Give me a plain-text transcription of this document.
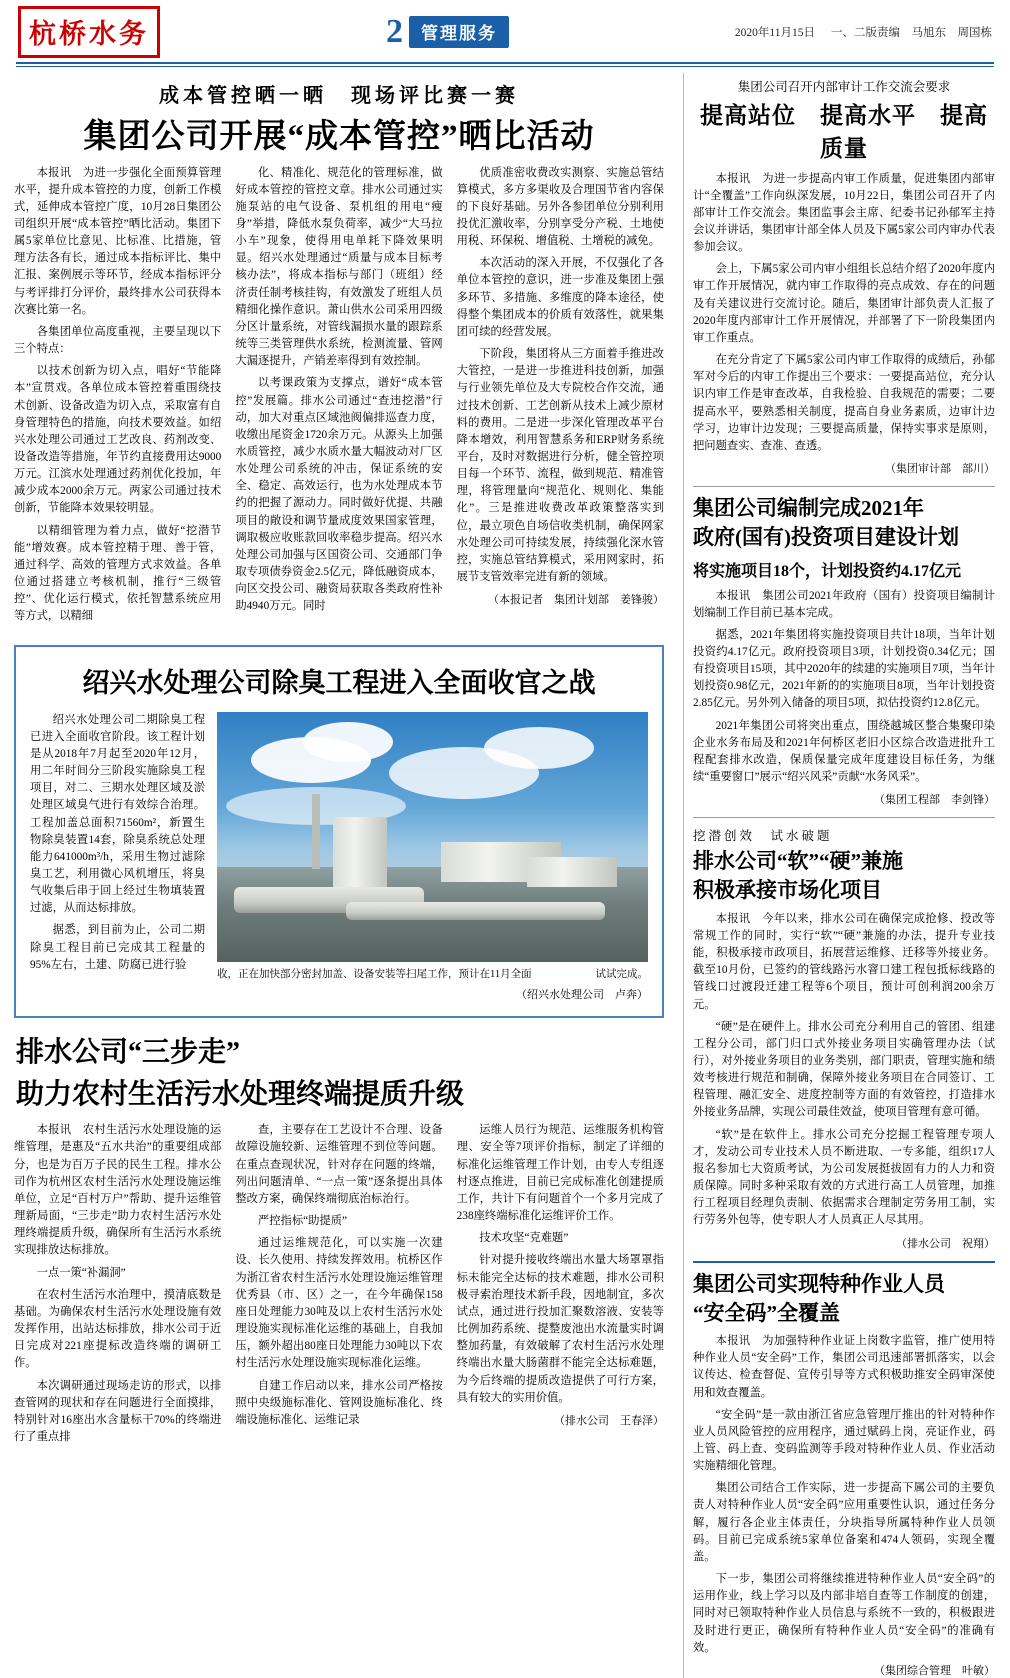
杭桥水务	2	管理服务	2020年11月15日 一、二版责编　马旭东　周国栋
成本管控晒一晒　现场评比赛一赛
集团公司开展“成本管控”晒比活动

本报讯　为进一步强化全面预算管理水平，提升成本管控的力度，创新工作模式，延伸成本管控广度，10月28日集团公司组织开展“成本管控”晒比活动。集团下属5家单位比意见、比标准、比措施，管理方法各有长，通过成本指标评比、集中汇报、案例展示等环节，经成本指标评分与考评排打分评价，最终排水公司获得本次赛比第一名。

各集团单位高度重视，主要呈现以下三个特点：

以技术创新为切入点，唱好“节能降本”宣贯戏。各单位成本管控着重围绕技术创新、设备改造为切入点，采取富有自身管理特色的措施，向技术要效益。如绍兴水处理公司通过工艺改良、药剂改变、设备改造等措施，年节约直接费用达9000万元。江滨水处理通过药剂优化投加，年减少成本2000余万元。两家公司通过技术创新，节能降本效果较明显。

以精细管理为着力点，做好“挖潜节能”增效赛。成本管控精于理、善于管，通过科学、高效的管理方式求效益。各单位通过搭建立考核机制，推行“三级管控”、优化运行模式，依托智慧系统应用等方式，以精细

化、精准化、规范化的管理标准，做好成本管控的管控文章。排水公司通过实施泵站的电气设备、泵机组的用电“瘦身”举措，降低水泵负荷率，减少“大马拉小车”现象，使得用电单耗下降效果明显。绍兴水处理通过“质量与成本目标考核办法”，将成本指标与部门（班组）经济责任制考核挂钩，有效激发了班组人员精细化操作意识。萧山供水公司采用四级分区计量系统，对管线漏损水量的跟踪系统等三类管理供水系统，检测流量、管网大漏逐提升，产销差率得到有效控制。

以考课政策为支撑点，谱好“成本管控”发展篇。排水公司通过“查违挖潜”行动，加大对重点区域池阀偏排巡查力度，收缴出尾资金1720余万元。从源头上加强水质管控，减少水质水量大幅波动对厂区水处理公司系统的冲击，保证系统的安全、稳定、高效运行，也为水处理成本节约的把握了源动力。同时做好优提、共融项目的敞设和调节量成度效果国家管理，调取极应收账款回收率稳步提高。绍兴水处理公司加强与区国资公司、交通部门争取专项债券资金2.5亿元，降低融资成本，向区交投公司、融资局获取各类政府性补助4940万元。同时

优质准密收费改实测察、实施总管结算模式，多方多渠收及合理国节省内容保的下良好基础。另外各参团单位分别利用投优汇激收率，分别享受分产税、土地使用税、环保税、增值税、土增税的减免。

本次活动的深入开展，不仅强化了各单位本管控的意识，进一步准及集团上强多环节、多措施、多维度的降本途径，使得整个集团成本的价质有效落性，就果集团可续的经营发展。

下阶段，集团将从三方面着手推进改大管控，一是进一步推进科技创新，加强与行业领先单位及大专院校合作交流，通过技术创新、工艺创新从技术上减少原材料的费用。二是进一步深化管理改革平台降本增效，利用智慧系务和ERP财务系统平台，及时对数据进行分析，健全管控项目每一个环节、流程，做到规范、精准管理，将管理量向“规范化、规则化、集能化”。三是推进收费改革政策整落实到位，最立项色自场信收类机制，确保网家水处理公司可持续发展，持续强化深水管控，实施总管结算模式，采用网家时，拓展节支管效率完进有新的领域。

（本报记者　集团计划部　姜锋骏）
绍兴水处理公司除臭工程进入全面收官之战

绍兴水处理公司二期除臭工程已进入全面收官阶段。该工程计划是从2018年7月起至2020年12月，用二年时间分三阶段实施除臭工程项目，对二、三期水处理区域及淤处理区域臭气进行有效综合治理。工程加盖总面积71560m²，新置生物除臭装置14套，除臭系统总处理能力641000m³/h，采用生物过滤除臭工艺，利用微心风机增压，将臭气收集后串于回上经过生物填装置过滤，从而达标排放。

据悉，到目前为止，公司二期除臭工程目前已完成其工程量的95%左右，土建、防腐已进行验

收，正在加快部分密封加盖、设备安装等扫尾工作，预计在11月全面	试试完成。
（绍兴水处理公司　卢奔）
排水公司“三步走”
助力农村生活污水处理终端提质升级

本报讯　农村生活污水处理设施的运维管理，是惠及“五水共治”的重要组成部分，也是为百万子民的民生工程。排水公司作为杭州区农村生活污水处理设施运维单位，立足“百村万户”帮助、提升运维管理新局面，“三步走”助力农村生活污水处理终端提质升级，确保所有生活污水系统实现排放达标排放。

一点一策“补漏洞”

在农村生活污水治理中，摸清底数是基础。为确保农村生活污水处理设施有效发挥作用，出站达标排放，排水公司于近日完成对221座提标改造终端的调研工作。

本次调研通过现场走访的形式，以排查管网的现状和存在问题进行全面摸排，特别针对16座出水含量标干70%的终端进行了重点排

查，主要存在工艺设计不合理、设备故障设施较新、运维管理不到位等问题。在重点查现状况，针对存在问题的终端，列出问题清单、“一点一策”逐条提出具体整改方案，确保终端彻底治标治行。

严控指标“助提质”

通过运维规范化，可以实施一次建设、长久使用、持续发挥效用。杭桥区作为浙江省农村生活污水处理设施运维管理优秀县（市、区）之一，在今年确保158座日处理能力30吨及以上农村生活污水处理设施实现标准化运维的基础上，自我加压，额外超出80座日处理能力30吨以下农村生活污水处理设施实现标准化运维。

自建工作启动以来，排水公司严格按照中央级施标准化、管网设施标准化、终端设施标准化、运维记录

运维人员行为规范、运维服务机构管理、安全等7项评价指标，制定了详细的标准化运维管理工作计划，由专人专组逐村逐点推进，目前已完成标准化创建提质工作，共计下有问题首个一个多月完成了238座终端标准化运维评价工作。

技术攻坚“克难题”

针对提升接收终端出水量大场罩罩指标未能完全达标的技术难题，排水公司积极寻索治理技术新手段，因地制宜，多次试点，通过进行投加汇聚数溶液、安装等比例加药系统、提整废池出水流量实时调整加药量，有效破解了农村生活污水处理终端出水量大肠菌群不能完全达标难题，为今后终端的提质改造提供了可行方案，具有较大的实用价值。

（排水公司　王春泽）
集团公司召开内部审计工作交流会要求
提高站位　提高水平　提高质量

本报讯　为进一步提高内审工作质量，促进集团内部审计“全覆盖”工作向纵深发展，10月22日，集团公司召开了内部审计工作交流会。集团监事会主席、纪委书记孙郁军主持会议并讲话，集团审计部全体人员及下属5家公司内审办代表参加会议。

会上，下属5家公司内审小组组长总结介绍了2020年度内审工作开展情况，就内审工作取得的亮点成效、存在的问题及有关建议进行交流讨论。随后，集团审计部负责人汇报了2020年度内部审计工作开展情况，并部署了下一阶段集团内审工作重点。

在充分肯定了下属5家公司内审工作取得的成绩后，孙郁军对今后的内审工作提出三个要求：一要提高站位，充分认识内审工作是审查改革，自我检验、自我规范的需要；二要提高水平，要熟悉相关制度，提高自身业务素质，边审计边学习，边审计边发现；三要提高质量，保持实事求是原则，把问题查实、查准、查透。

（集团审计部　部川）
集团公司编制完成2021年
政府(国有)投资项目建设计划
将实施项目18个，计划投资约4.17亿元

本报讯　集团公司2021年政府（国有）投资项目编制计划编制工作目前已基本完成。

据悉，2021年集团将实施投资项目共计18项，当年计划投资约4.17亿元。政府投资项目3项，计划投资0.34亿元；国有投资项目15项，其中2020年的续建的实施项目7项，当年计划投资0.98亿元，2021年新的的实施项目8项，当年计划投资2.85亿元。另外列入储备的项目5项，拟估投资约12.8亿元。

2021年集团公司将突出重点，围绕越城区整合集聚印染企业水务布局及和2021年何桥区老旧小区综合改造进批升工程配套排水改造，保质保量完成年度建设目标任务，为继续“重要窗口”展示“绍兴风采”贡献“水务风采”。

（集团工程部　李剑锋）
挖潜创效　试水破题
排水公司“软”“硬”兼施
积极承接市场化项目

本报讯　今年以来，排水公司在确保完成抢修、投改等常规工作的同时，实行“软”“硬”兼施的办法，提升专业技能，积极承接市政项目，拓展营运维修、迁移等外接业务。截至10月份，已签约的管线路污水窨口建工程包抵标线路的管线口过渡段迁建工程等6个项目，预计可创利润200余万元。

“硬”是在硬件上。排水公司充分利用自己的管团、组建工程分公司，部门归口式外接业务项目实确管理办法（试行），对外接业务项目的业务类别，部门职责，管理实施和绩效考核进行规范和制确，保障外接业务项目在合同签订、工程管理、融汇安全、进度控制等方面的有效管控，打造排水外接业务品牌，实现公司最佳效益，使项目管理有意可循。

“软”是在软件上。排水公司充分挖掘工程管理专项人才，发动公司专业技术人员不断进取、一专多能，组织17人报名参加七大资质考试，为公司发展挺拔固有力的人力和资质保障。同时多种采取有效的方式进行高工人员管理，加推行工程项目经理负责制、依据需求合理制定劳务用工制，实行劳务外包等，使专职人才人员真正人尽其用。

（排水公司　祝翔）
集团公司实现特种作业人员
“安全码”全覆盖

本报讯　为加强特种作业证上岗数字监管，推广使用特种作业人员“安全码”工作，集团公司迅速部署抓落实，以会议传达、检查督促、宣传引导等方式积极助推安全码审深使用和效查覆盖。

“安全码”是一款由浙江省应急管理厅推出的针对特种作业人员风险管控的应用程序，通过赋码上岗，亮证作业，码上管、码上查、变码监测等手段对特种作业人员、作业活动实施精细化管理。

集团公司结合工作实际，进一步提高下属公司的主要负责人对特种作业人员“安全码”应用重要性认识，通过任务分解，履行各企业主体责任，分块指导所属特种作业人员领码。目前已完成系统5家单位备案和474人领码，实现全覆盖。

下一步，集团公司将继续推进特种作业人员“安全码”的运用作业，线上学习以及内部非培自查等工作制度的创建，同时对已领取特种作业人员信息与系统不一致的，积极跟进及时进行更正，确保所有特种作业人员“安全码”的准确有效。

（集团综合管理　叶敏）
